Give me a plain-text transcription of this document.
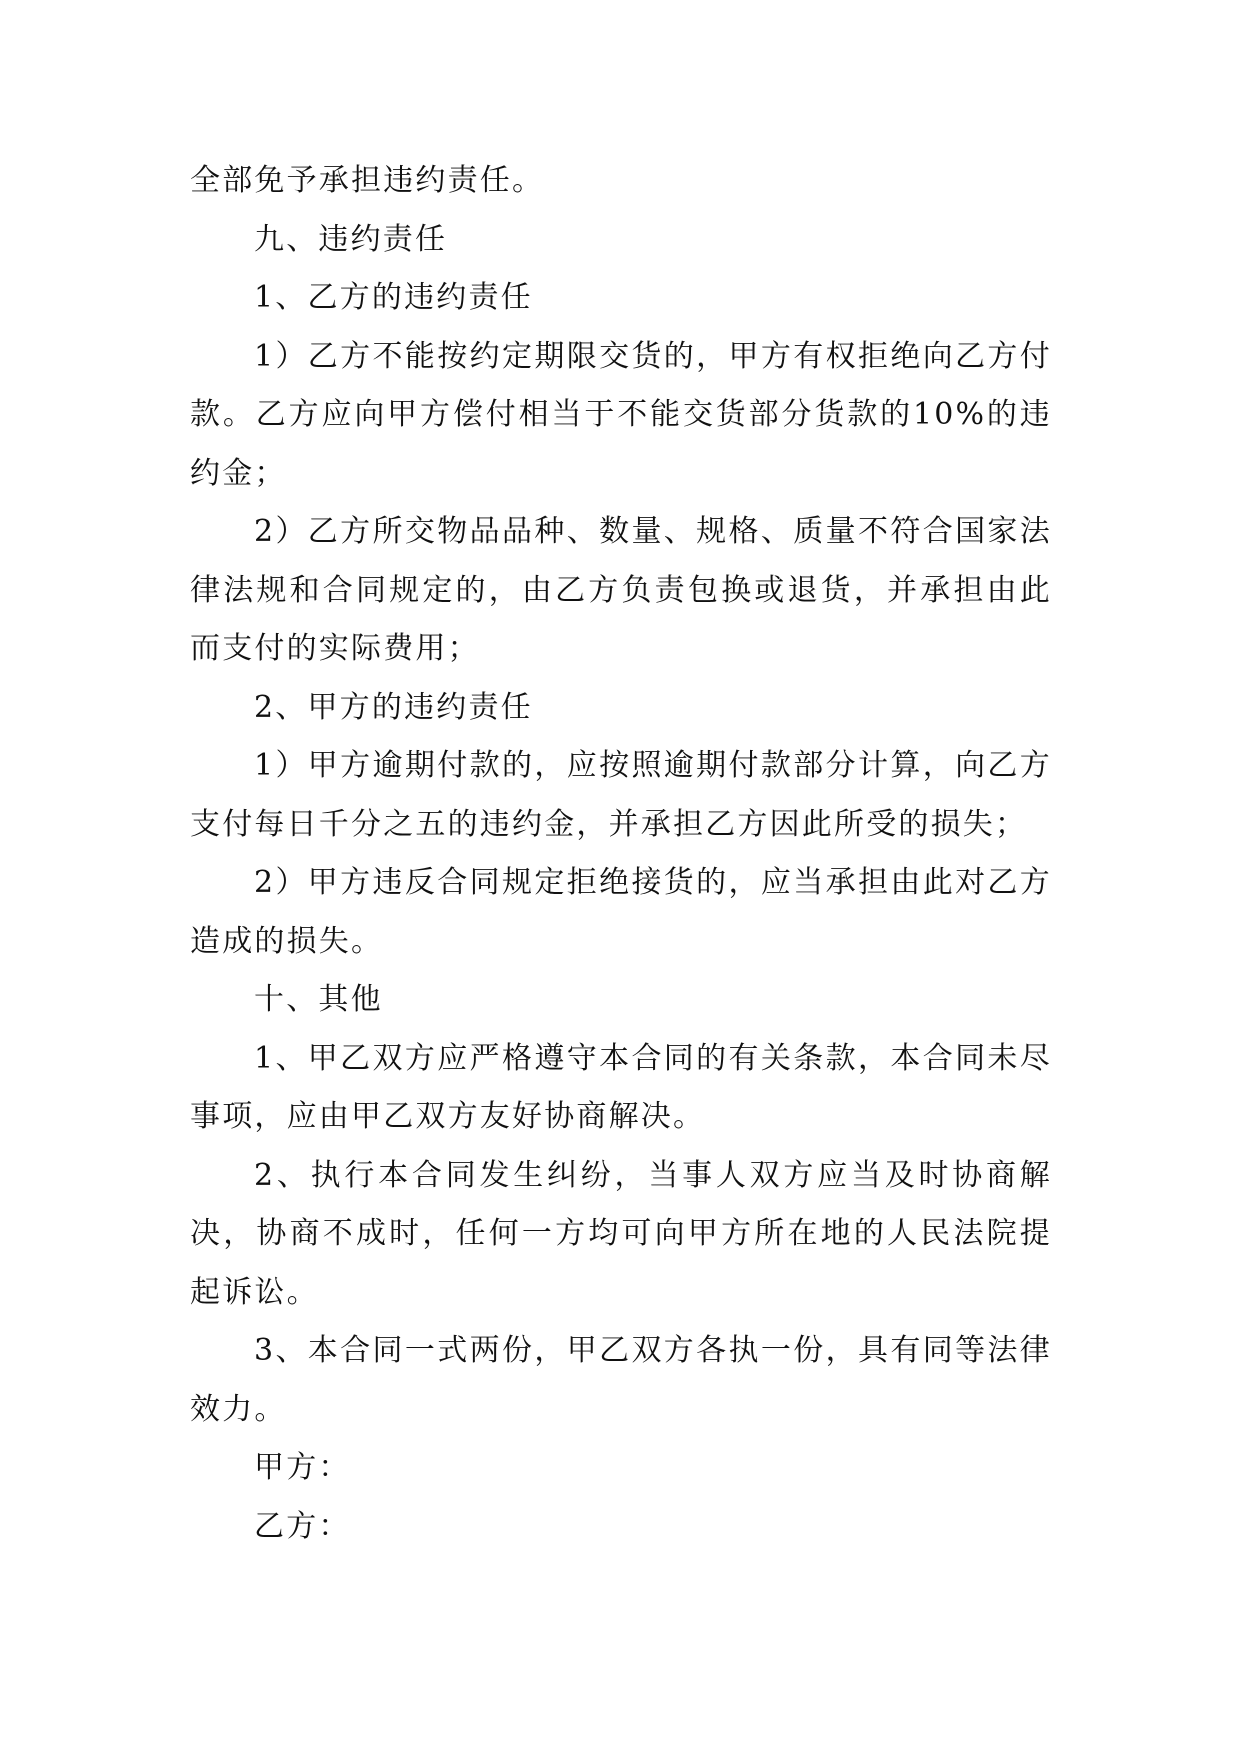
全部免予承担违约责任。

九、违约责任

1、乙方的违约责任

1）乙方不能按约定期限交货的，甲方有权拒绝向乙方付款。乙方应向甲方偿付相当于不能交货部分货款的10%的违约金；

2）乙方所交物品品种、数量、规格、质量不符合国家法律法规和合同规定的，由乙方负责包换或退货，并承担由此而支付的实际费用；

2、甲方的违约责任

1）甲方逾期付款的，应按照逾期付款部分计算，向乙方支付每日千分之五的违约金，并承担乙方因此所受的损失；

2）甲方违反合同规定拒绝接货的，应当承担由此对乙方造成的损失。

十、其他

1、甲乙双方应严格遵守本合同的有关条款，本合同未尽事项，应由甲乙双方友好协商解决。

2、执行本合同发生纠纷，当事人双方应当及时协商解决，协商不成时，任何一方均可向甲方所在地的人民法院提起诉讼。

3、本合同一式两份，甲乙双方各执一份，具有同等法律效力。

甲方：

乙方：
